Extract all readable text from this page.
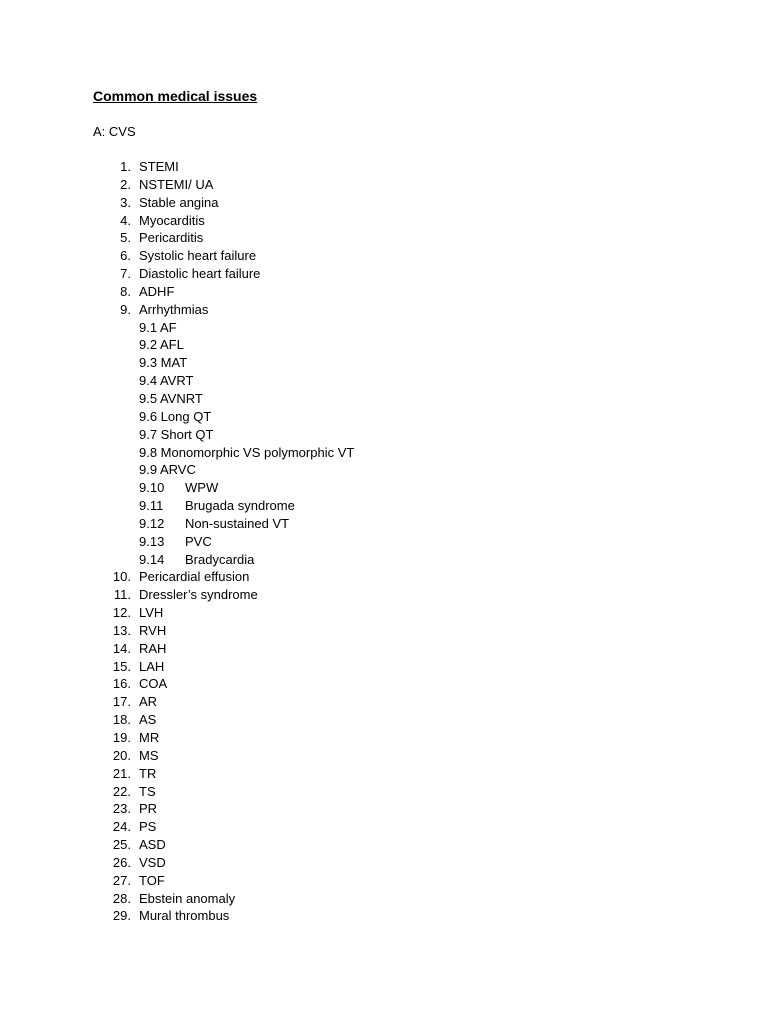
Common medical issues
A: CVS
1. STEMI
2. NSTEMI/ UA
3. Stable angina
4. Myocarditis
5. Pericarditis
6. Systolic heart failure
7. Diastolic heart failure
8. ADHF
9. Arrhythmias
9.1 AF
9.2 AFL
9.3 MAT
9.4 AVRT
9.5 AVNRT
9.6 Long QT
9.7 Short QT
9.8 Monomorphic VS polymorphic VT
9.9 ARVC
9.10 WPW
9.11 Brugada syndrome
9.12 Non-sustained VT
9.13 PVC
9.14 Bradycardia
10. Pericardial effusion
11. Dressler’s syndrome
12. LVH
13. RVH
14. RAH
15. LAH
16. COA
17. AR
18. AS
19. MR
20. MS
21. TR
22. TS
23. PR
24. PS
25. ASD
26. VSD
27. TOF
28. Ebstein anomaly
29. Mural thrombus
